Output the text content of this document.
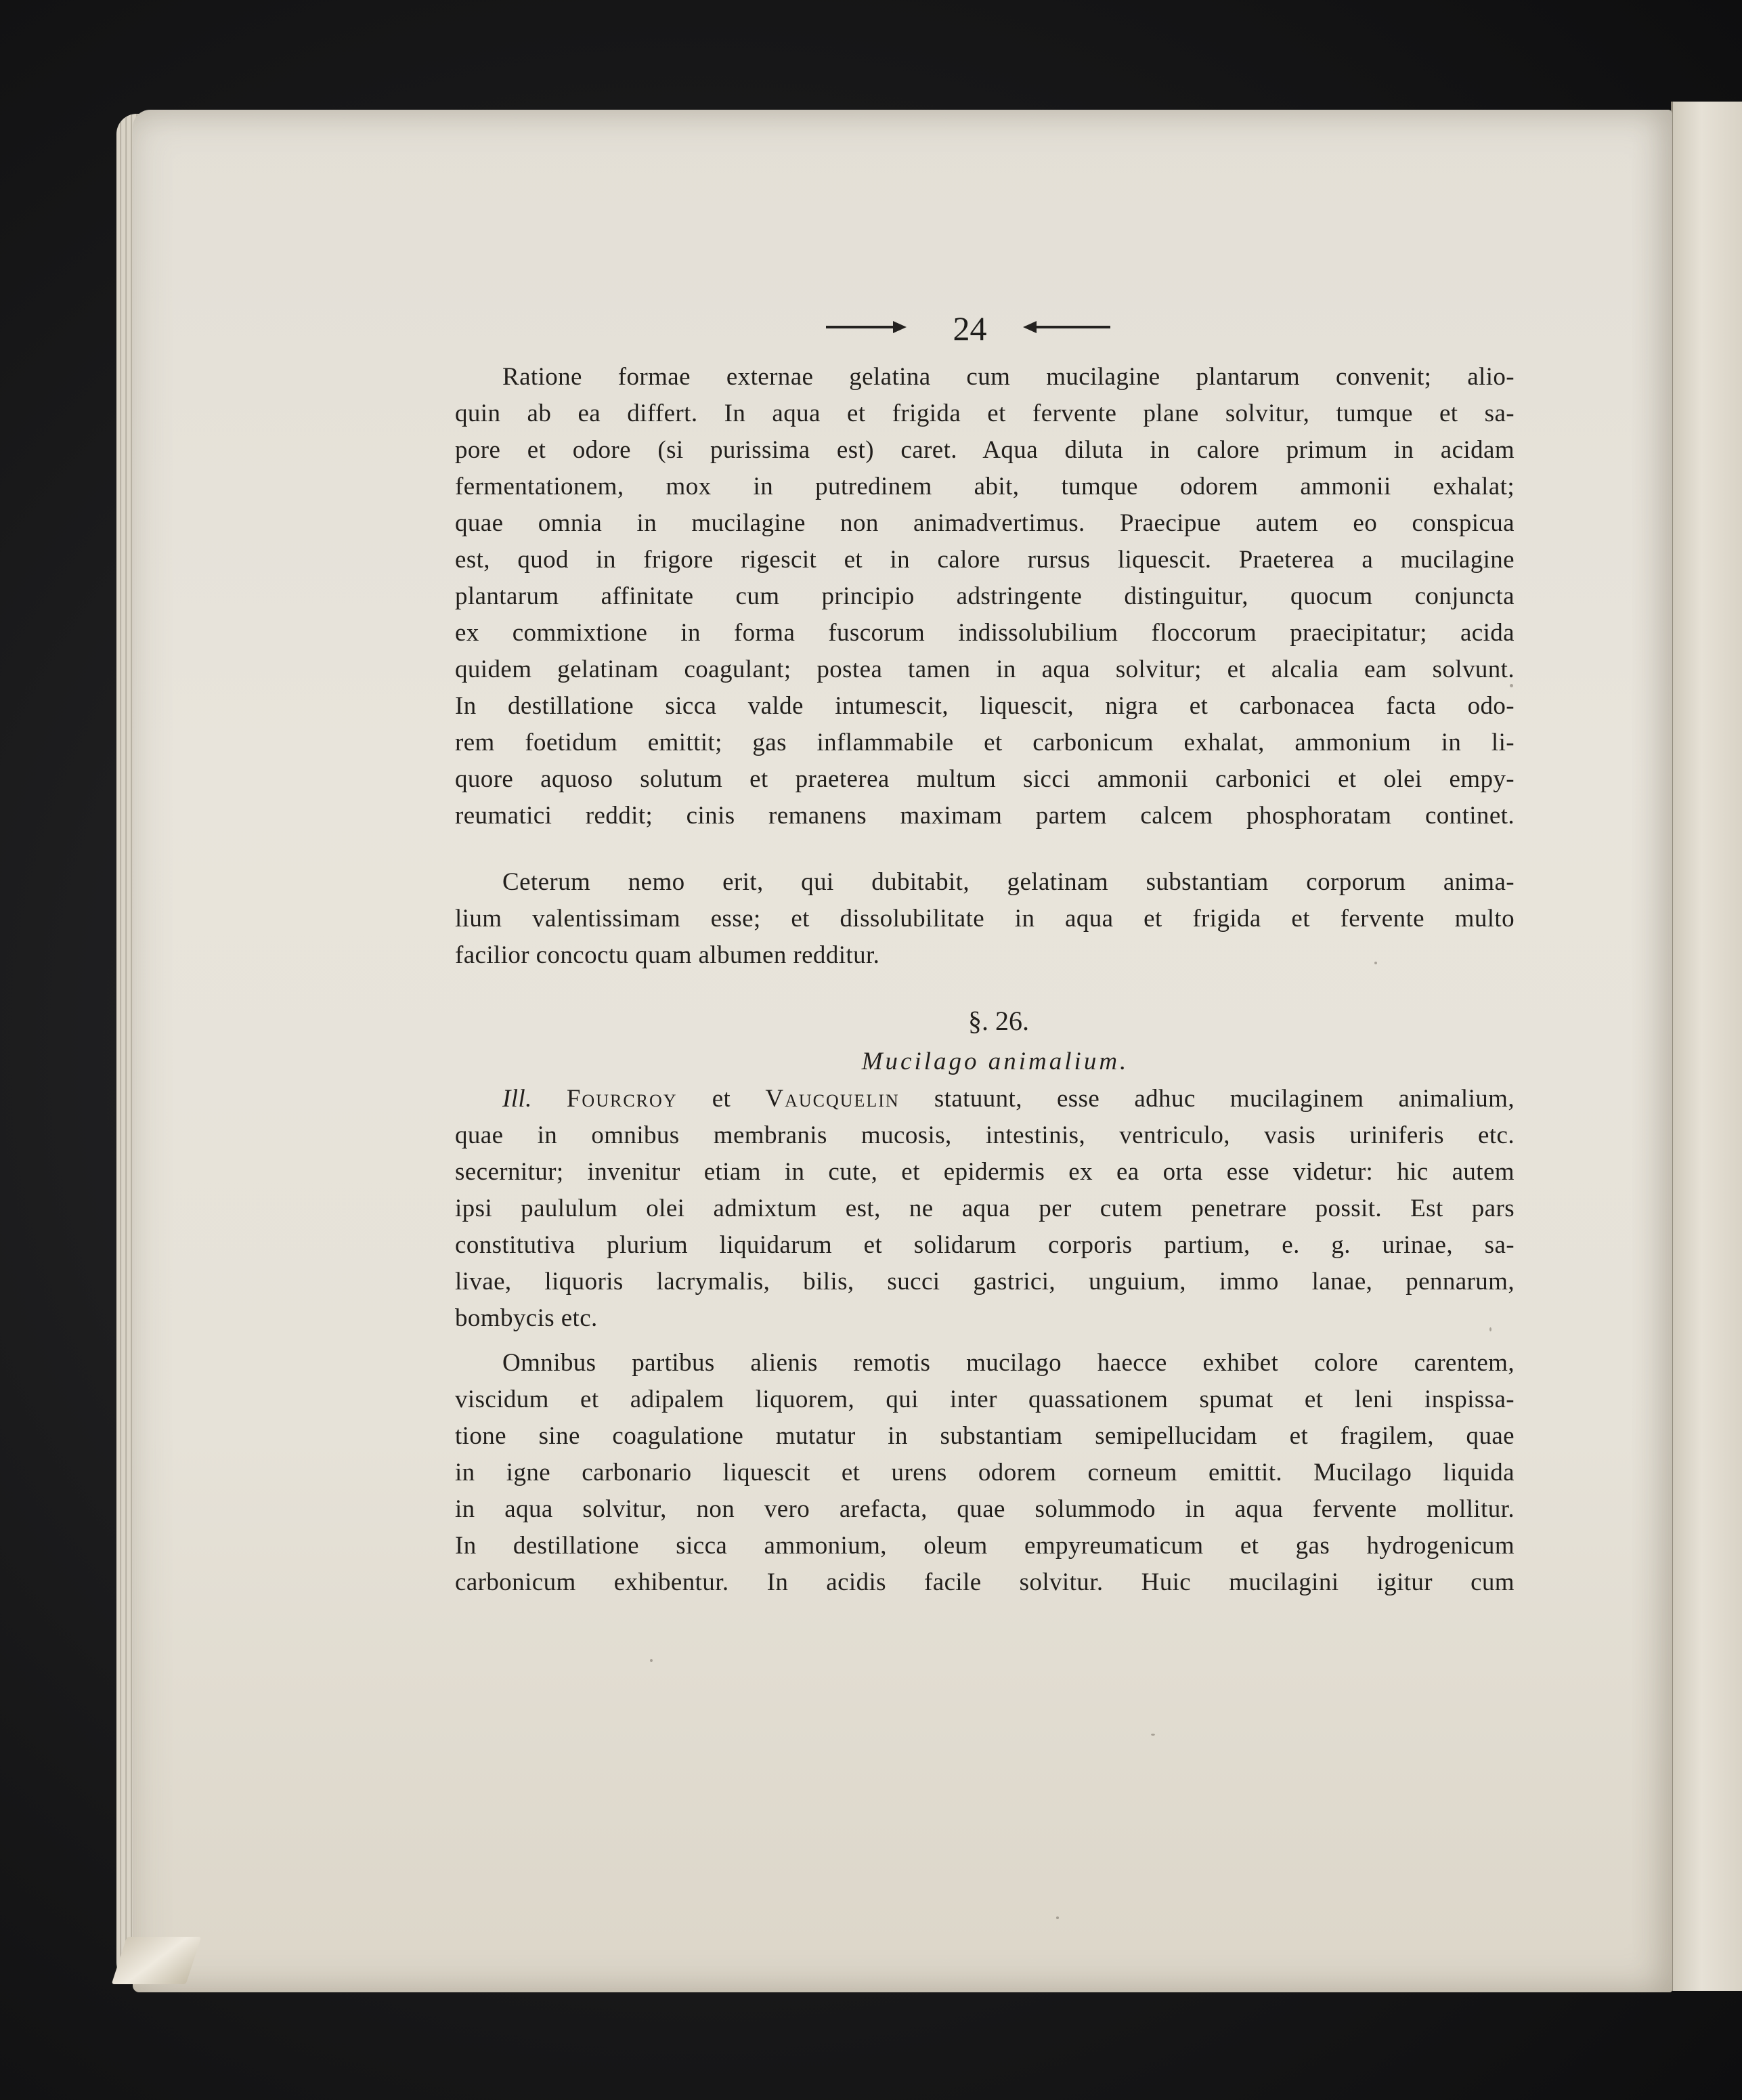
24
Ratione formae externae gelatina cum mucilagine plantarum convenit; alio-
quin ab ea differt. In aqua et frigida et fervente plane solvitur, tumque et sa-
pore et odore (si purissima est) caret. Aqua diluta in calore primum in acidam
fermentationem, mox in putredinem abit, tumque odorem ammonii exhalat;
quae omnia in mucilagine non animadvertimus. Praecipue autem eo conspicua
est, quod in frigore rigescit et in calore rursus liquescit. Praeterea a mucilagine
plantarum affinitate cum principio adstringente distinguitur, quocum conjuncta
ex commixtione in forma fuscorum indissolubilium floccorum praecipitatur; acida
quidem gelatinam coagulant; postea tamen in aqua solvitur; et alcalia eam solvunt.
In destillatione sicca valde intumescit, liquescit, nigra et carbonacea facta odo-
rem foetidum emittit; gas inflammabile et carbonicum exhalat, ammonium in li-
quore aquoso solutum et praeterea multum sicci ammonii carbonici et olei empy-
reumatici reddit; cinis remanens maximam partem calcem phosphoratam continet.
Ceterum nemo erit, qui dubitabit, gelatinam substantiam corporum anima-
lium valentissimam esse; et dissolubilitate in aqua et frigida et fervente multo
facilior concoctu quam albumen redditur.
§. 26.
Mucilago animalium.
Ill. Fourcroy et Vaucquelin statuunt, esse adhuc mucilaginem animalium,
quae in omnibus membranis mucosis, intestinis, ventriculo, vasis uriniferis etc.
secernitur; invenitur etiam in cute, et epidermis ex ea orta esse videtur: hic autem
ipsi paululum olei admixtum est, ne aqua per cutem penetrare possit. Est pars
constitutiva plurium liquidarum et solidarum corporis partium, e. g. urinae, sa-
livae, liquoris lacrymalis, bilis, succi gastrici, unguium, immo lanae, pennarum,
bombycis etc.
Omnibus partibus alienis remotis mucilago haecce exhibet colore carentem,
viscidum et adipalem liquorem, qui inter quassationem spumat et leni inspissa-
tione sine coagulatione mutatur in substantiam semipellucidam et fragilem, quae
in igne carbonario liquescit et urens odorem corneum emittit. Mucilago liquida
in aqua solvitur, non vero arefacta, quae solummodo in aqua fervente mollitur.
In destillatione sicca ammonium, oleum empyreumaticum et gas hydrogenicum
carbonicum exhibentur. In acidis facile solvitur. Huic mucilagini igitur cum
